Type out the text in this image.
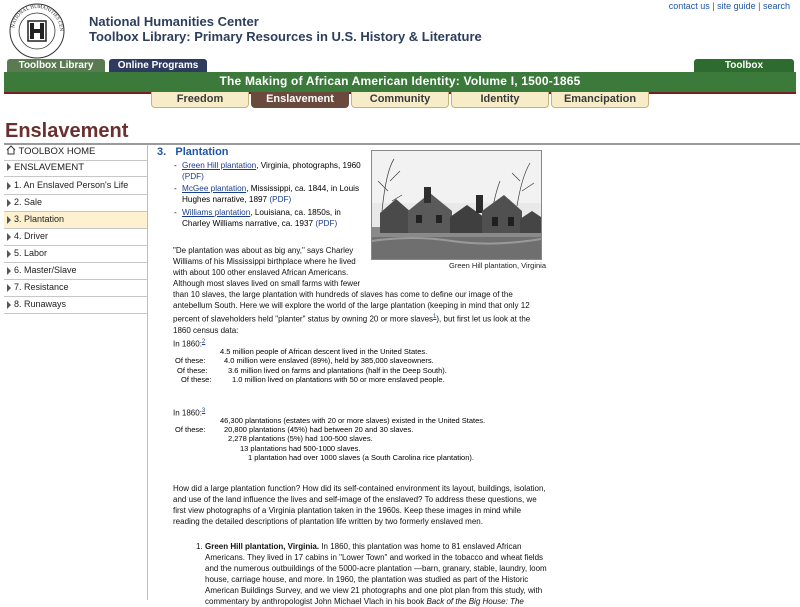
NATIONAL HUMANITIES CEN
National Humanities Center
Toolbox Library: Primary Resources in U.S. History & Literature
contact us | site guide | search
Toolbox Library	Online Programs	Toolbox
The Making of African American Identity: Volume I, 1500-1865
Freedom	Enslavement	Community	Identity	Emancipation
Enslavement
TOOLBOX HOME
ENSLAVEMENT
1. An Enslaved Person's Life
2. Sale
3. Plantation
4. Driver
5. Labor
6. Master/Slave
7. Resistance
8. Runaways
3. Plantation
- Green Hill plantation, Virginia, photographs, 1960 (PDF)
- McGee plantation, Mississippi, ca. 1844, in Louis Hughes narrative, 1897 (PDF)
- Williams plantation, Louisiana, ca. 1850s, in Charley Williams narrative, ca. 1937 (PDF)
Green Hill plantation, Virginia
"De plantation was about as big any," says Charley
Williams of his Mississippi birthplace where he lived
with about 100 other enslaved African Americans.
Although most slaves lived on small farms with fewer
than 10 slaves, the large plantation with hundreds of slaves has come to define our image of the
antebellum South. Here we will explore the world of the large plantation (keeping in mind that only 12
percent of slaveholders held "planter" status by owning 20 or more slaves$^1$), but first let us look at the
1860 census data:
In 1860:$^2$
4.5 million people of African descent lived in the United States.
Of these: 4.0 million were enslaved (89%), held by 385,000 slaveowners.
Of these:	3.6 million lived on farms and plantations (half in the Deep South).
Of these:	1.0 million lived on plantations with 50 or more enslaved people.
In 1860:$^3$
46,300 plantations (estates with 20 or more slaves) existed in the United States.
Of these: 20,800 plantations (45%) had between 20 and 30 slaves.
2,278 plantations (5%) had 100-500 slaves.
13 plantations had 500-1000 slaves.
1 plantation had over 1000 slaves (a South Carolina rice plantation).
How did a large plantation function? How did its self-contained environment its layout, buildings, isolation,
and use of the land influence the lives and self-image of the enslaved? To address these questions, we
first view photographs of a Virginia plantation taken in the 1960s. Keep these images in mind while
reading the detailed descriptions of plantation life written by two formerly enslaved men.
1. Green Hill plantation, Virginia. In 1860, this plantation was home to 81 enslaved African
Americans. They lived in 17 cabins in "Lower Town" and worked in the tobacco and wheat fields
and the numerous outbuildings of the 5000-acre plantation —barn, granary, stable, laundry, loom
house, carriage house, and more. In 1960, the plantation was studied as part of the Historic
American Buildings Survey, and we view 21 photographs and one plot plan from this study, with
commentary by anthropologist John Michael Vlach in his book Back of the Big House: The
